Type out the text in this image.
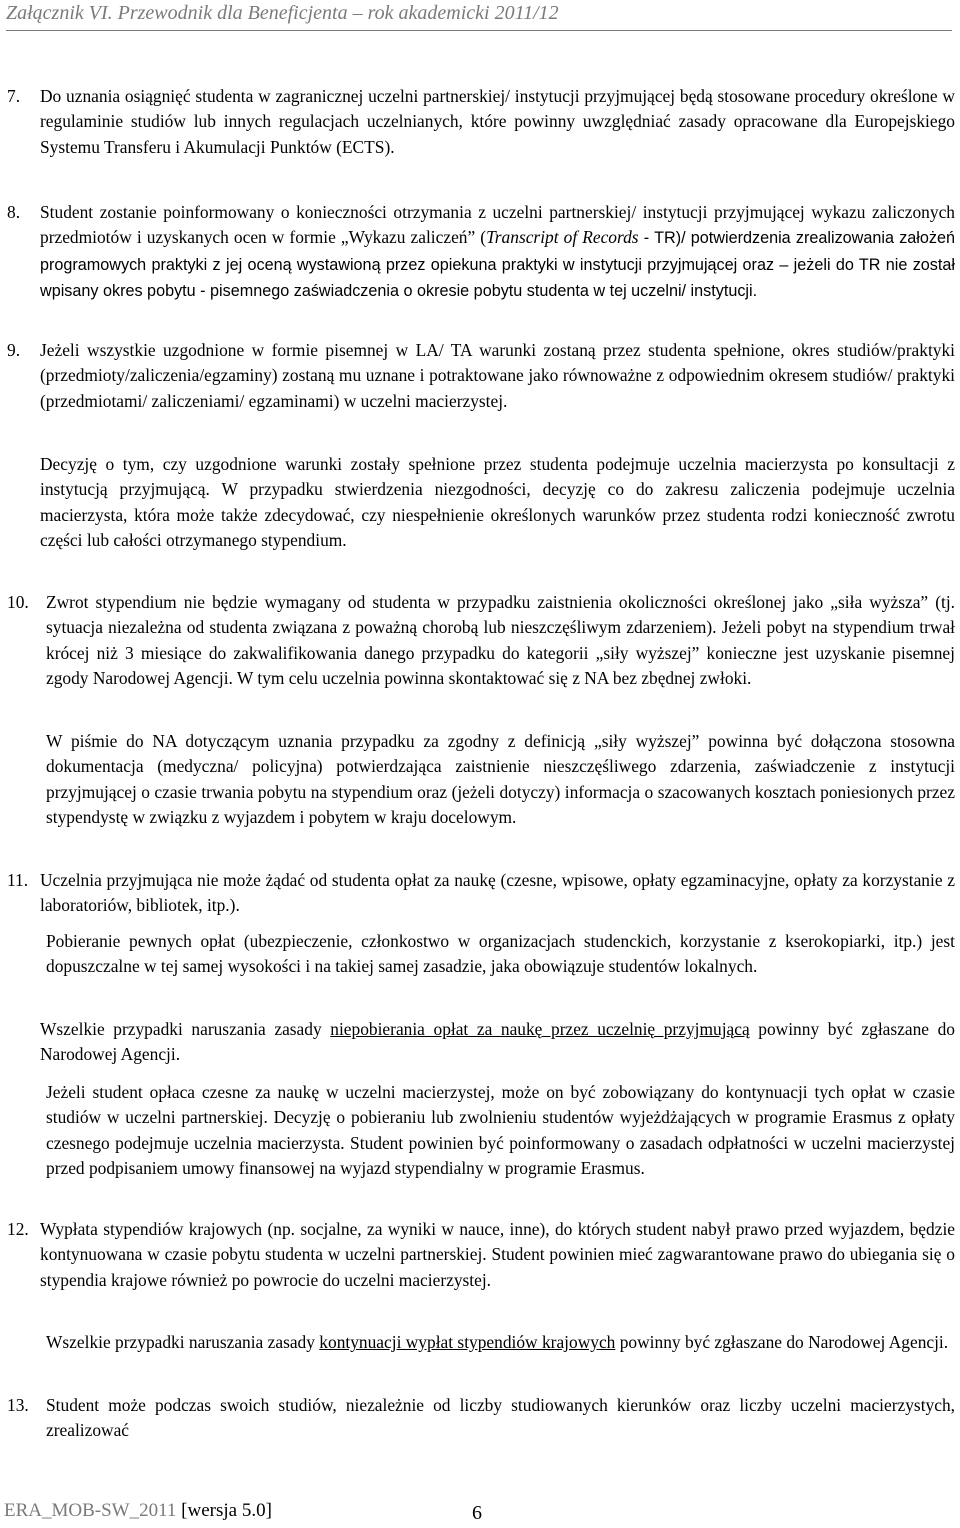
Załącznik VI. Przewodnik dla Beneficjenta – rok akademicki 2011/12
7. Do uznania osiągnięć studenta w zagranicznej uczelni partnerskiej/ instytucji przyjmującej będą stosowane procedury określone w regulaminie studiów lub innych regulacjach uczelnianych, które powinny uwzględniać zasady opracowane dla Europejskiego Systemu Transferu i Akumulacji Punktów (ECTS).

8. Student zostanie poinformowany o konieczności otrzymania z uczelni partnerskiej/ instytucji przyjmującej wykazu zaliczonych przedmiotów i uzyskanych ocen w formie „Wykazu zaliczeń” (Transcript of Records - TR)/ potwierdzenia zrealizowania założeń programowych praktyki z jej oceną wystawioną przez opiekuna praktyki w instytucji przyjmującej oraz – jeżeli do TR nie został wpisany okres pobytu - pisemnego zaświadczenia o okresie pobytu studenta w tej uczelni/ instytucji.

9. Jeżeli wszystkie uzgodnione w formie pisemnej w LA/ TA warunki zostaną przez studenta spełnione, okres studiów/praktyki (przedmioty/zaliczenia/egzaminy) zostaną mu uznane i potraktowane jako równoważne z odpowiednim okresem studiów/ praktyki (przedmiotami/ zaliczeniami/ egzaminami) w uczelni macierzystej.

Decyzję o tym, czy uzgodnione warunki zostały spełnione przez studenta podejmuje uczelnia macierzysta po konsultacji z instytucją przyjmującą. W przypadku stwierdzenia niezgodności, decyzję co do zakresu zaliczenia podejmuje uczelnia macierzysta, która może także zdecydować, czy niespełnienie określonych warunków przez studenta rodzi konieczność zwrotu części lub całości otrzymanego stypendium.

10. Zwrot stypendium nie będzie wymagany od studenta w przypadku zaistnienia okoliczności określonej jako „siła wyższa” (tj. sytuacja niezależna od studenta związana z poważną chorobą lub nieszczęśliwym zdarzeniem). Jeżeli pobyt na stypendium trwał krócej niż 3 miesiące do zakwalifikowania danego przypadku do kategorii „siły wyższej” konieczne jest uzyskanie pisemnej zgody Narodowej Agencji. W tym celu uczelnia powinna skontaktować się z NA bez zbędnej zwłoki.

W piśmie do NA dotyczącym uznania przypadku za zgodny z definicją „siły wyższej” powinna być dołączona stosowna dokumentacja (medyczna/ policyjna) potwierdzająca zaistnienie nieszczęśliwego zdarzenia, zaświadczenie z instytucji przyjmującej o czasie trwania pobytu na stypendium oraz (jeżeli dotyczy) informacja o szacowanych kosztach poniesionych przez stypendystę w związku z wyjazdem i pobytem w kraju docelowym.

11. Uczelnia przyjmująca nie może żądać od studenta opłat za naukę (czesne, wpisowe, opłaty egzaminacyjne, opłaty za korzystanie z laboratoriów, bibliotek, itp.).

Pobieranie pewnych opłat (ubezpieczenie, członkostwo w organizacjach studenckich, korzystanie z kserokopiarki, itp.) jest dopuszczalne w tej samej wysokości i na takiej samej zasadzie, jaka obowiązuje studentów lokalnych.

Wszelkie przypadki naruszania zasady niepobierania opłat za naukę przez uczelnię przyjmującą powinny być zgłaszane do Narodowej Agencji.

Jeżeli student opłaca czesne za naukę w uczelni macierzystej, może on być zobowiązany do kontynuacji tych opłat w czasie studiów w uczelni partnerskiej. Decyzję o pobieraniu lub zwolnieniu studentów wyjeżdżających w programie Erasmus z opłaty czesnego podejmuje uczelnia macierzysta. Student powinien być poinformowany o zasadach odpłatności w uczelni macierzystej przed podpisaniem umowy finansowej na wyjazd stypendialny w programie Erasmus.

12. Wypłata stypendiów krajowych (np. socjalne, za wyniki w nauce, inne), do których student nabył prawo przed wyjazdem, będzie kontynuowana w czasie pobytu studenta w uczelni partnerskiej. Student powinien mieć zagwarantowane prawo do ubiegania się o stypendia krajowe również po powrocie do uczelni macierzystej.

Wszelkie przypadki naruszania zasady kontynuacji wypłat stypendiów krajowych powinny być zgłaszane do Narodowej Agencji.

13. Student może podczas swoich studiów, niezależnie od liczby studiowanych kierunków oraz liczby uczelni macierzystych, zrealizować

ERA_MOB-SW_2011 [wersja 5.0]	6
